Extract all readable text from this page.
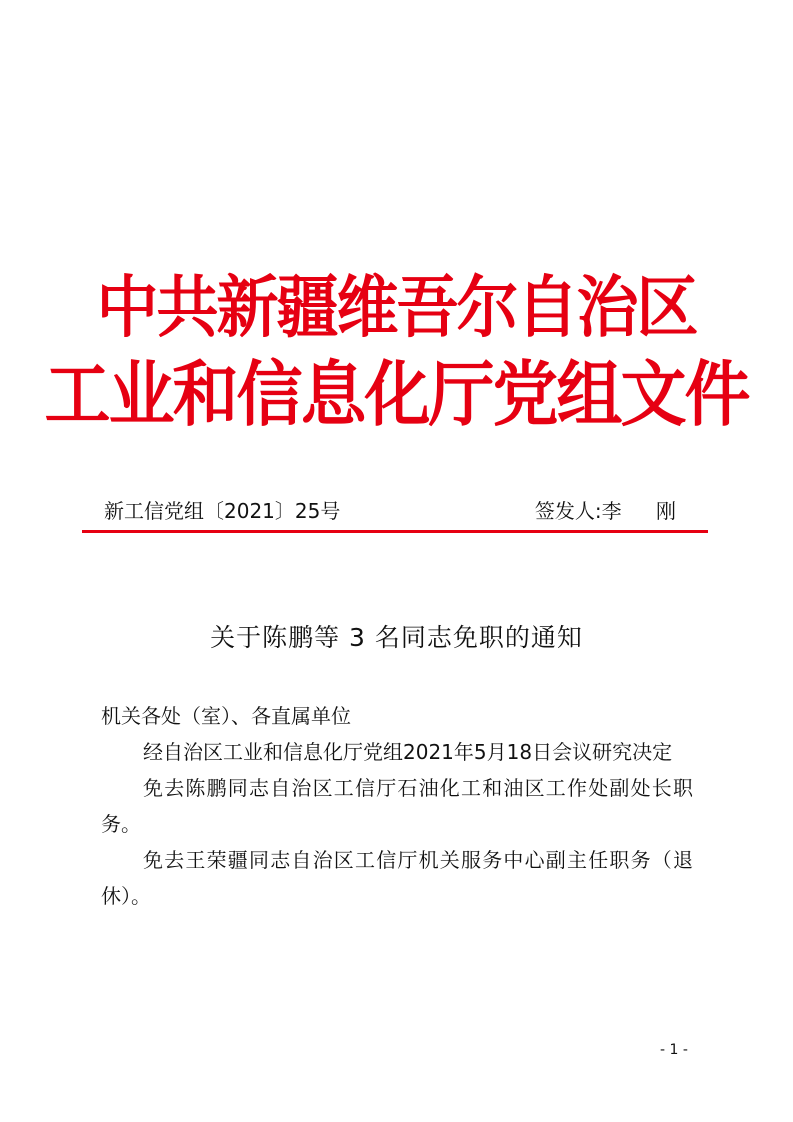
中共新疆维吾尔自治区
工业和信息化厅党组文件
新工信党组〔2021〕25号	签发人:李 刚
关于陈鹏等 3 名同志免职的通知

机关各处（室）、各直属单位

经自治区工业和信息化厅党组2021年5月18日会议研究决定

免去陈鹏同志自治区工信厅石油化工和油区工作处副处长职务。

免去王荣疆同志自治区工信厅机关服务中心副主任职务（退休）。

- 1 -
